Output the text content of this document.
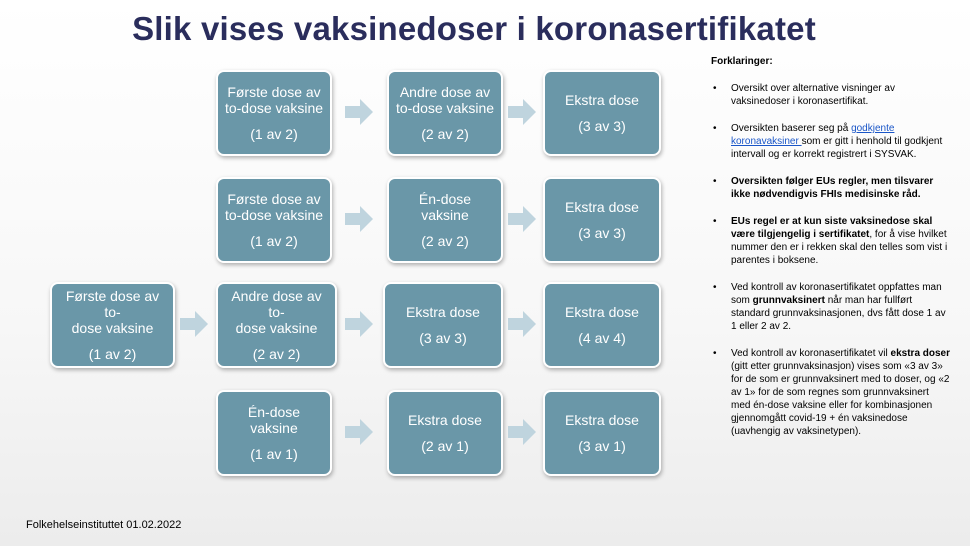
Slik vises vaksinedoser i koronasertifikatet
Første dose av
to-dose vaksine
(1 av 2)
Andre dose av
to-dose vaksine
(2 av 2)
Ekstra dose
(3 av 3)
Første dose av
to-dose vaksine
(1 av 2)
Én-dose vaksine
(2 av 2)
Ekstra dose
(3 av 3)
Første dose av to-
dose vaksine
(1 av 2)
Andre dose av to-
dose vaksine
(2 av 2)
Ekstra dose
(3 av 3)
Ekstra dose
(4 av 4)
Én-dose vaksine
(1 av 1)
Ekstra dose
(2 av 1)
Ekstra dose
(3 av 1)
Forklaringer:
• Oversikt over alternative visninger av vaksinedoser i koronasertifikat.
• Oversikten baserer seg på godkjente koronavaksiner som er gitt i henhold til godkjent intervall og er korrekt registrert i SYSVAK.
• Oversikten følger EUs regler, men tilsvarer ikke nødvendigvis FHIs medisinske råd.
• EUs regel er at kun siste vaksinedose skal være tilgjengelig i sertifikatet, for å vise hvilket nummer den er i rekken skal den telles som vist i parentes i boksene.
• Ved kontroll av koronasertifikatet oppfattes man som grunnvaksinert når man har fullført standard grunnvaksinasjonen, dvs fått dose 1 av 1 eller 2 av 2.
• Ved kontroll av koronasertifikatet vil ekstra doser (gitt etter grunnvaksinasjon) vises som «3 av 3» for de som er grunnvaksinert med to doser, og «2 av 1» for de som regnes som grunnvaksinert med én-dose vaksine eller for kombinasjonen gjennomgått covid-19 + én vaksinedose (uavhengig av vaksinetypen).
Folkehelseinstituttet 01.02.2022
